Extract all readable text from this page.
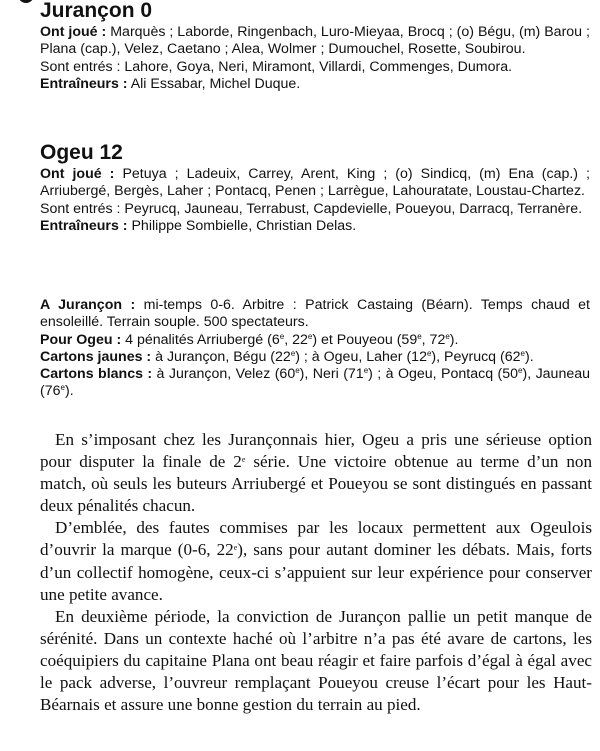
Jurançon 0

Ont joué : Marquès ; Laborde, Ringenbach, Luro-Mieyaa, Brocq ; (o) Bégu, (m) Barou ; Plana (cap.), Velez, Caetano ; Alea, Wolmer ; Dumouchel, Rosette, Soubirou.

Sont entrés : Lahore, Goya, Neri, Miramont, Villardi, Commenges, Dumora.

Entraîneurs : Ali Essabar, Michel Duque.

Ogeu 12

Ont joué : Petuya ; Ladeuix, Carrey, Arent, King ; (o) Sindicq, (m) Ena (cap.) ; Arriubergé, Bergès, Laher ; Pontacq, Penen ; Larrègue, Lahouratate, Loustau-Chartez.

Sont entrés : Peyrucq, Jauneau, Terrabust, Capdevielle, Poueyou, Darracq, Terranère.

Entraîneurs : Philippe Sombielle, Christian Delas.

A Jurançon : mi-temps 0-6. Arbitre : Patrick Castaing (Béarn). Temps chaud et ensoleillé. Terrain souple. 500 spectateurs.

Pour Ogeu : 4 pénalités Arriubergé (6e, 22e) et Pouyeou (59e, 72e).

Cartons jaunes : à Jurançon, Bégu (22e) ; à Ogeu, Laher (12e), Peyrucq (62e).

Cartons blancs : à Jurançon, Velez (60e), Neri (71e) ; à Ogeu, Pontacq (50e), Jauneau (76e).

En s’imposant chez les Jurançonnais hier, Ogeu a pris une sérieuse option pour disputer la finale de 2e série. Une victoire obtenue au terme d’un non match, où seuls les buteurs Arriubergé et Poueyou se sont distingués en passant deux pénalités chacun.

D’emblée, des fautes commises par les locaux permettent aux Ogeulois d’ouvrir la marque (0-6, 22e), sans pour autant dominer les débats. Mais, forts d’un collectif homogène, ceux-ci s’appuient sur leur expérience pour conserver une petite avance.

En deuxième période, la conviction de Jurançon pallie un petit manque de sérénité. Dans un contexte haché où l’arbitre n’a pas été avare de cartons, les coéquipiers du capitaine Plana ont beau réagir et faire parfois d’égal à égal avec le pack adverse, l’ouvreur remplaçant Poueyou creuse l’écart pour les Haut-Béarnais et assure une bonne gestion du terrain au pied.
